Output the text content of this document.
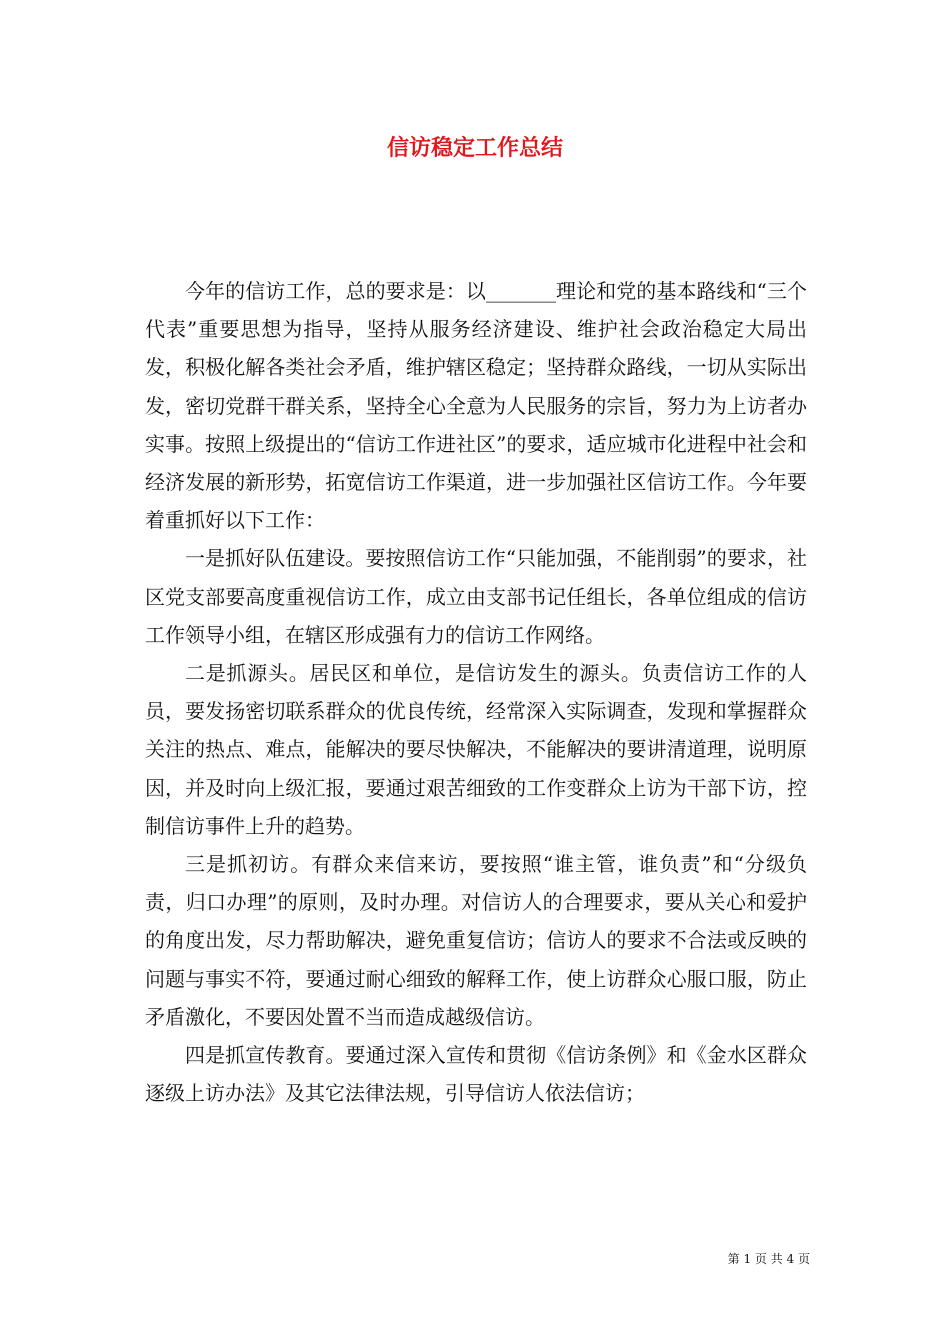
信访稳定工作总结

今年的信访工作，总的要求是：以_______理论和党的基本路线和“三个代表”重要思想为指导，坚持从服务经济建设、维护社会政治稳定大局出发，积极化解各类社会矛盾，维护辖区稳定；坚持群众路线，一切从实际出发，密切党群干群关系，坚持全心全意为人民服务的宗旨，努力为上访者办实事。按照上级提出的“信访工作进社区”的要求，适应城市化进程中社会和经济发展的新形势，拓宽信访工作渠道，进一步加强社区信访工作。今年要着重抓好以下工作：

一是抓好队伍建设。要按照信访工作“只能加强，不能削弱”的要求，社区党支部要高度重视信访工作，成立由支部书记任组长，各单位组成的信访工作领导小组，在辖区形成强有力的信访工作网络。

二是抓源头。居民区和单位，是信访发生的源头。负责信访工作的人员，要发扬密切联系群众的优良传统，经常深入实际调查，发现和掌握群众关注的热点、难点，能解决的要尽快解决，不能解决的要讲清道理，说明原因，并及时向上级汇报，要通过艰苦细致的工作变群众上访为干部下访，控制信访事件上升的趋势。

三是抓初访。有群众来信来访，要按照“谁主管，谁负责”和“分级负责，归口办理”的原则，及时办理。对信访人的合理要求，要从关心和爱护的角度出发，尽力帮助解决，避免重复信访；信访人的要求不合法或反映的问题与事实不符，要通过耐心细致的解释工作，使上访群众心服口服，防止矛盾激化，不要因处置不当而造成越级信访。

四是抓宣传教育。要通过深入宣传和贯彻《信访条例》和《金水区群众逐级上访办法》及其它法律法规，引导信访人依法信访；

第 1 页 共 4 页
